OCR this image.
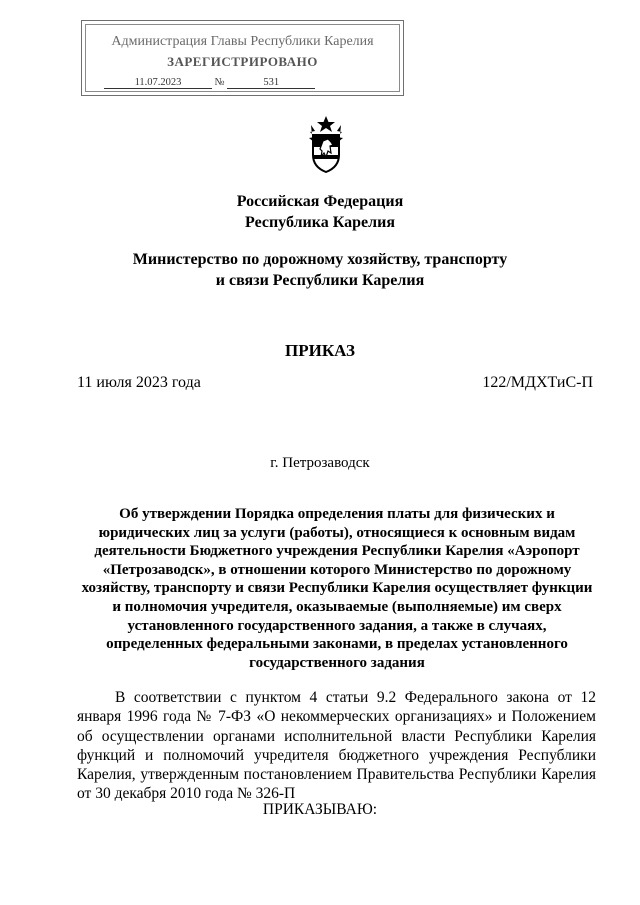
Администрация Главы Республики Карелия
ЗАРЕГИСТРИРОВАНО
11.07.2023	№	531
Российская Федерация
Республика Карелия
Министерство по дорожному хозяйству, транспорту
и связи Республики Карелия
ПРИКАЗ
11 июля 2023 года	122/МДХТиС-П
г. Петрозаводск
Об утверждении Порядка определения платы для физических и
юридических лиц за услуги (работы), относящиеся к основным видам
деятельности Бюджетного учреждения Республики Карелия «Аэропорт
«Петрозаводск», в отношении которого Министерство по дорожному
хозяйству, транспорту и связи Республики Карелия осуществляет функции
и полномочия учредителя, оказываемые (выполняемые) им сверх
установленного государственного задания, а также в случаях,
определенных федеральными законами, в пределах установленного
государственного задания
В соответствии с пунктом 4 статьи 9.2 Федерального закона от 12 января 1996 года № 7-ФЗ «О некоммерческих организациях» и Положением об осуществлении органами исполнительной власти Республики Карелия функций и полномочий учредителя бюджетного учреждения Республики Карелия, утвержденным постановлением Правительства Республики Карелия от 30 декабря 2010 года № 326-П
ПРИКАЗЫВАЮ:
